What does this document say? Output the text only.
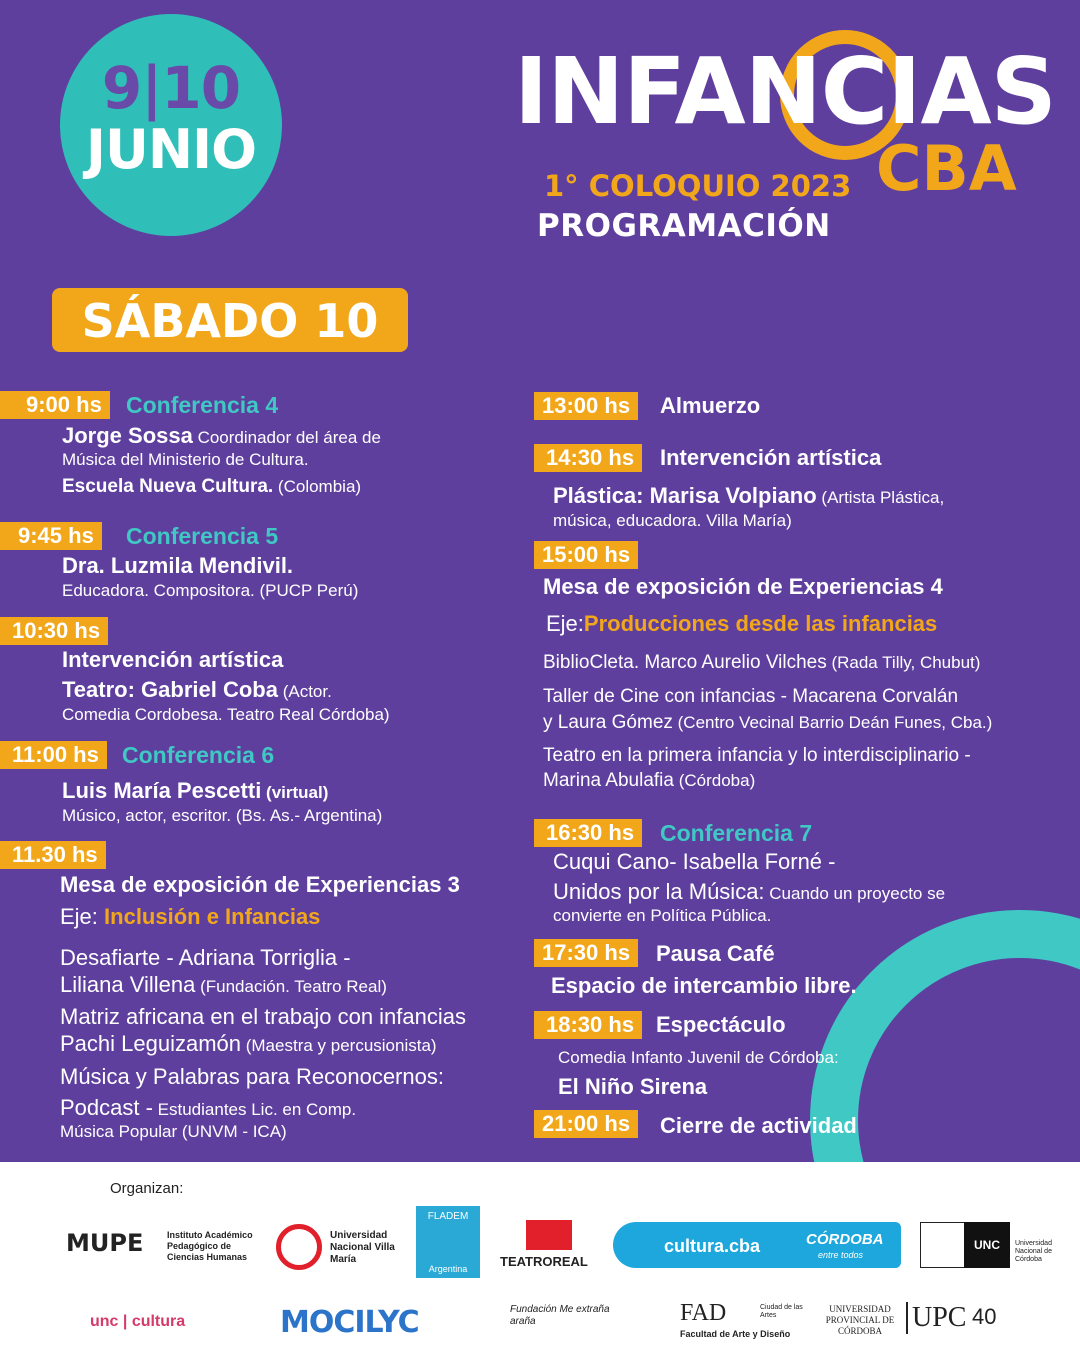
9|10
JUNIO
INFANCIAS
CBA
1° COLOQUIO 2023
PROGRAMACIÓN
SÁBADO 10
9:00 hs	Conferencia 4
Jorge Sossa Coordinador del área de
Música del Ministerio de Cultura.
Escuela Nueva Cultura. (Colombia)
9:45 hs	Conferencia 5
Dra. Luzmila Mendivil.
Educadora. Compositora. (PUCP Perú)
10:30 hs
Intervención artística
Teatro: Gabriel Coba (Actor.
Comedia Cordobesa. Teatro Real Córdoba)
11:00 hs	Conferencia 6
Luis María Pescetti (virtual)
Músico, actor, escritor. (Bs. As.- Argentina)
11.30 hs
Mesa de exposición de Experiencias 3
Eje: Inclusión e Infancias
Desafiarte - Adriana Torriglia -
Liliana Villena (Fundación. Teatro Real)
Matriz africana en el trabajo con infancias
Pachi Leguizamón (Maestra y percusionista)
Música y Palabras para Reconocernos:
Podcast - Estudiantes Lic. en Comp.
Música Popular (UNVM - ICA)
13:00 hs	Almuerzo
14:30 hs	Intervención artística
Plástica: Marisa Volpiano (Artista Plástica,
música, educadora. Villa María)
15:00 hs
Mesa de exposición de Experiencias 4
Eje:Producciones desde las infancias
BiblioCleta. Marco Aurelio Vilches (Rada Tilly, Chubut)
Taller de Cine con infancias - Macarena Corvalán
y Laura Gómez (Centro Vecinal Barrio Deán Funes, Cba.)
Teatro en la primera infancia y lo interdisciplinario -
Marina Abulafia (Córdoba)
16:30 hs	Conferencia 7
Cuqui Cano- Isabella Forné -
Unidos por la Música: Cuando un proyecto se
convierte en Política Pública.
17:30 hs	Pausa Café
Espacio de intercambio libre.
18:30 hs Espectáculo
Comedia Infanto Juvenil de Córdoba:
El Niño Sirena
21:00 hs	Cierre de actividad
Organizan:
MUPE	Instituto Académico Pedagógico de Ciencias Humanas
Universidad Nacional Villa María
FLADEM
Argentina	TEATROREAL
cultura.cba	CÓRDOBA
entre todos
UNC	Universidad Nacional de Córdoba
unc | cultura	MOCILYC	Fundación Me extraña araña	FAD	Ciudad de las Artes
Facultad de Arte y Diseño
UNIVERSIDAD PROVINCIAL DE CÓRDOBA	UPC 40
